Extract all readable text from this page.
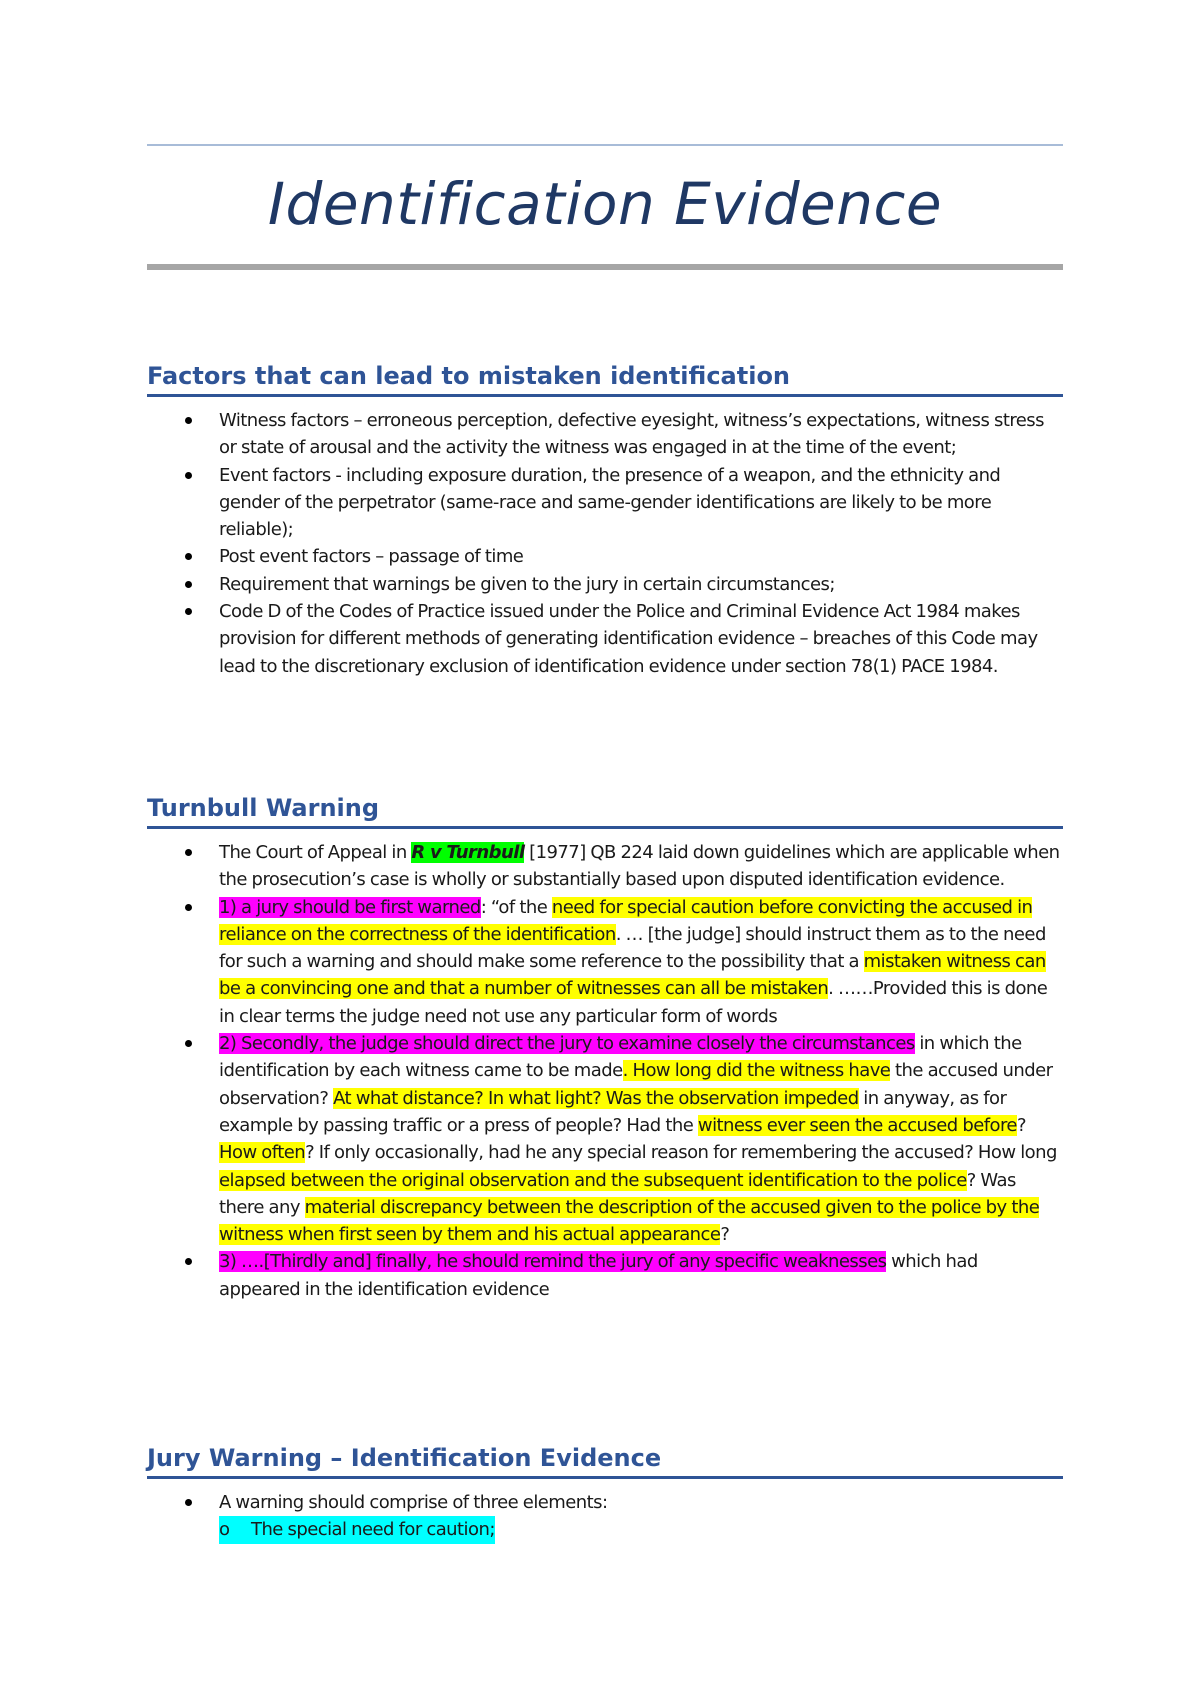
Identification Evidence
Factors that can lead to mistaken identification
Witness factors – erroneous perception, defective eyesight, witness’s expectations, witness stress or state of arousal and the activity the witness was engaged in at the time of the event;
Event factors - including exposure duration, the presence of a weapon, and the ethnicity and gender of the perpetrator (same-race and same-gender identifications are likely to be more reliable);
Post event factors – passage of time
Requirement that warnings be given to the jury in certain circumstances;
Code D of the Codes of Practice issued under the Police and Criminal Evidence Act 1984 makes provision for different methods of generating identification evidence – breaches of this Code may lead to the discretionary exclusion of identification evidence under section 78(1) PACE 1984.
Turnbull Warning
The Court of Appeal in R v Turnbull [1977] QB 224 laid down guidelines which are applicable when the prosecution’s case is wholly or substantially based upon disputed identification evidence.
1) a jury should be first warned: “of the need for special caution before convicting the accused in reliance on the correctness of the identification. … [the judge] should instruct them as to the need for such a warning and should make some reference to the possibility that a mistaken witness can be a convincing one and that a number of witnesses can all be mistaken. ……Provided this is done in clear terms the judge need not use any particular form of words
2) Secondly, the judge should direct the jury to examine closely the circumstances in which the identification by each witness came to be made. How long did the witness have the accused under observation? At what distance? In what light? Was the observation impeded in anyway, as for example by passing traffic or a press of people? Had the witness ever seen the accused before? How often? If only occasionally, had he any special reason for remembering the accused? How long elapsed between the original observation and the subsequent identification to the police? Was there any material discrepancy between the description of the accused given to the police by the witness when first seen by them and his actual appearance?
3) ….[Thirdly and] finally, he should remind the jury of any specific weaknesses which had appeared in the identification evidence
Jury Warning – Identification Evidence
A warning should comprise of three elements:
o The special need for caution;
